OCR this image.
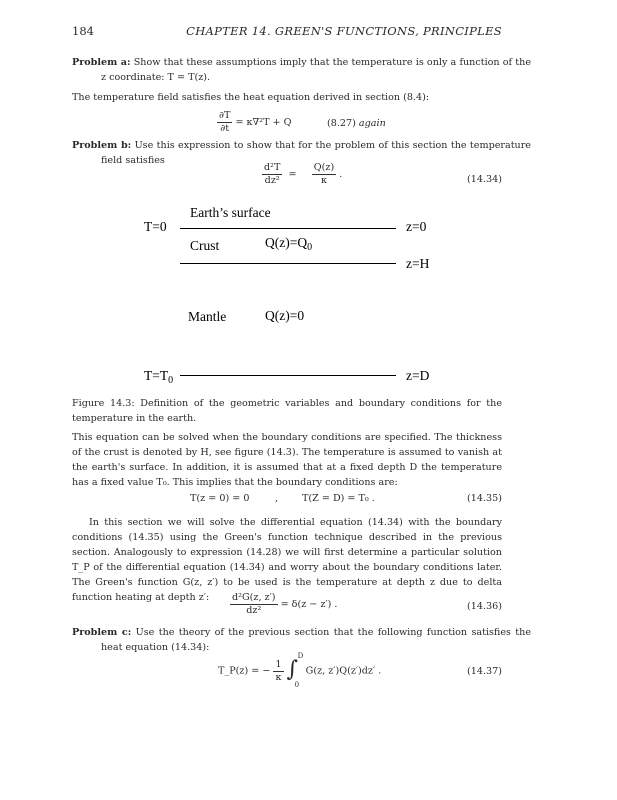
184	CHAPTER 14. GREEN'S FUNCTIONS, PRINCIPLES
Problem a: Show that these assumptions imply that the temperature is only a function of the z coordinate: T = T(z).
The temperature field satisfies the heat equation derived in section (8.4):
$\frac{\partial T}{\partial t} = \kappa\nabla^2T + Q$	(8.27) again
Problem b: Use this expression to show that for the problem of this section the temperature field satisfies
$\frac{\text{d²T}}{\text{dz²}} = \frac{Q(z)}{\kappa}$ .	(14.34)
Earth’s surface
T=0	z=0
Crust	$Q(z)=Q_0$
z=H
Mantle	Q(z)=0
$T=T_0$	z=D
Figure 14.3: Definition of the geometric variables and boundary conditions for the temperature in the earth.
This equation can be solved when the boundary conditions are specified. The thickness of the crust is denoted by H, see figure (14.3). The temperature is assumed to vanish at the earth's surface. In addition, it is assumed that at a fixed depth D the temperature has a fixed value T₀. This implies that the boundary conditions are:
T(z = 0) = 0	, T(Z = D) = T₀ .	(14.35)
In this section we will solve the differential equation (14.34) with the boundary conditions (14.35) using the Green's function technique described in the previous section. Analogously to expression (14.28) we will first determine a particular solution T_P of the differential equation (14.34) and worry about the boundary conditions later. The Green's function G(z, z′) to be used is the temperature at depth z due to delta function heating at depth z′:	$\frac{\text{d²G(z, z′)}}{\text{dz²}} = \delta(z - z')$ .	(14.36)
Problem c: Use the theory of the previous section that the following function satisfies the heat equation (14.34):
T_P(z) = − $\frac{1}{\kappa}$
∫
D
0
G(z, z′)Q(z′)dz′ .	(14.37)
